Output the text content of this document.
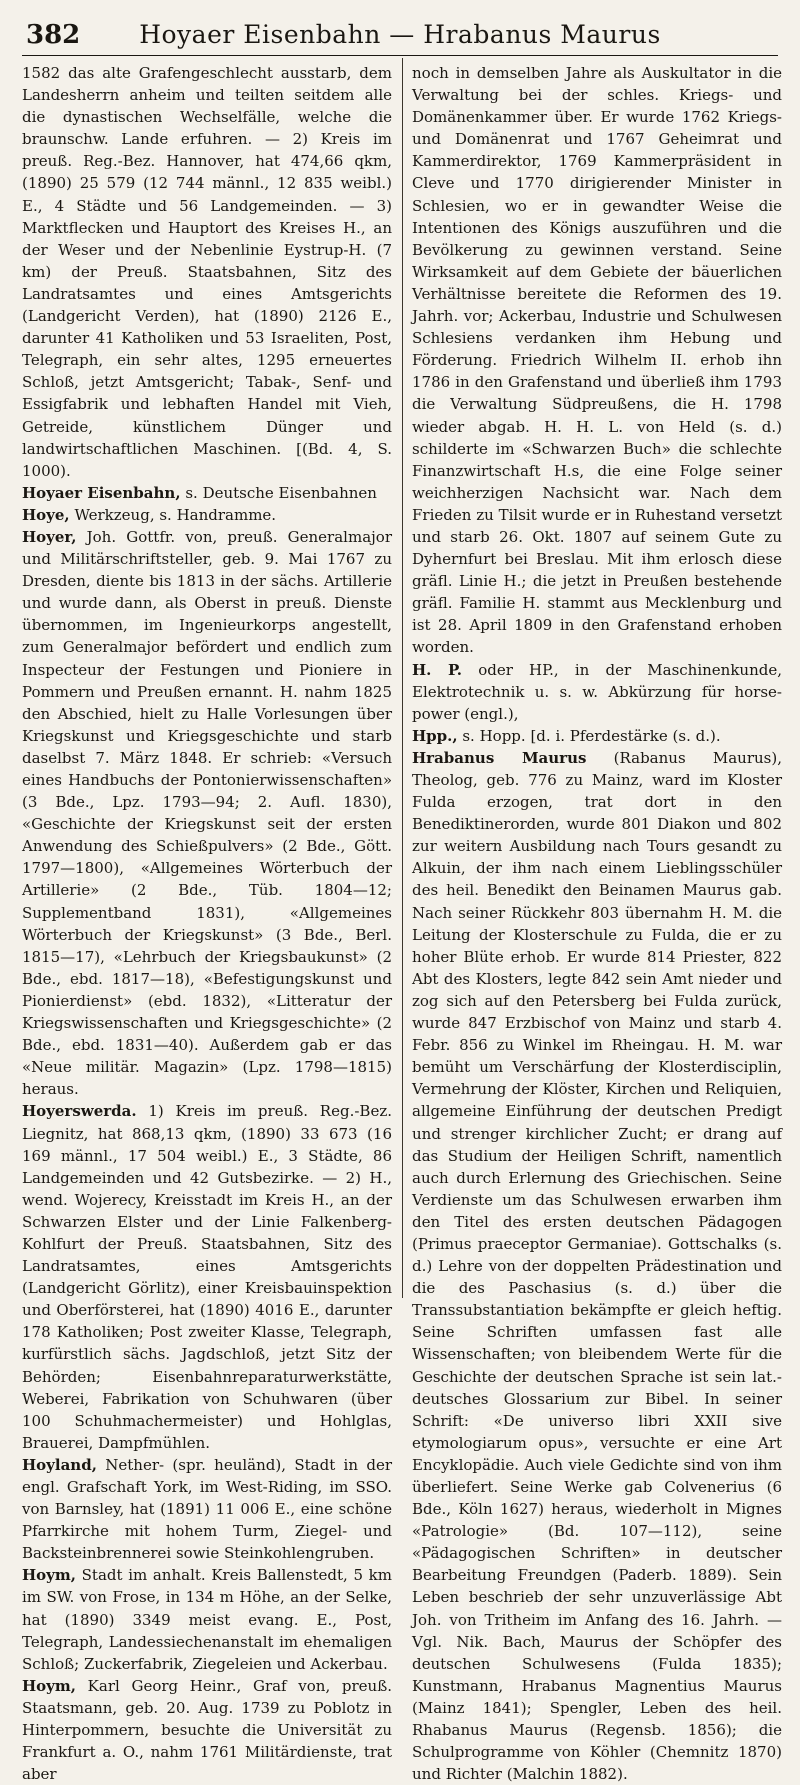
382	Hoyaer Eisenbahn — Hrabanus Maurus

1582 das alte Grafengeschlecht ausstarb, dem Landesherrn anheim und teilten seitdem alle die dynastischen Wechselfälle, welche die braunschw. Lande erfuhren. — 2) Kreis im preuß. Reg.-Bez. Hannover, hat 474,66 qkm, (1890) 25 579 (12 744 männl., 12 835 weibl.) E., 4 Städte und 56 Landgemeinden. — 3) Marktflecken und Hauptort des Kreises H., an der Weser und der Nebenlinie Eystrup-H. (7 km) der Preuß. Staatsbahnen, Sitz des Landratsamtes und eines Amtsgerichts (Landgericht Verden), hat (1890) 2126 E., darunter 41 Katholiken und 53 Israeliten, Post, Telegraph, ein sehr altes, 1295 erneuertes Schloß, jetzt Amtsgericht; Tabak-, Senf- und Essigfabrik und lebhaften Handel mit Vieh, Getreide, künstlichem Dünger und landwirtschaftlichen Maschinen. [(Bd. 4, S. 1000).

Hoyaer Eisenbahn, s. Deutsche Eisenbahnen

Hoye, Werkzeug, s. Handramme.

Hoyer, Joh. Gottfr. von, preuß. Generalmajor und Militärschriftsteller, geb. 9. Mai 1767 zu Dresden, diente bis 1813 in der sächs. Artillerie und wurde dann, als Oberst in preuß. Dienste übernommen, im Ingenieurkorps angestellt, zum Generalmajor befördert und endlich zum Inspecteur der Festungen und Pioniere in Pommern und Preußen ernannt. H. nahm 1825 den Abschied, hielt zu Halle Vorlesungen über Kriegskunst und Kriegsgeschichte und starb daselbst 7. März 1848. Er schrieb: «Versuch eines Handbuchs der Pontonierwissenschaften» (3 Bde., Lpz. 1793—94; 2. Aufl. 1830), «Geschichte der Kriegskunst seit der ersten Anwendung des Schießpulvers» (2 Bde., Gött. 1797—1800), «Allgemeines Wörterbuch der Artillerie» (2 Bde., Tüb. 1804—12; Supplementband 1831), «Allgemeines Wörterbuch der Kriegskunst» (3 Bde., Berl. 1815—17), «Lehrbuch der Kriegsbaukunst» (2 Bde., ebd. 1817—18), «Befestigungskunst und Pionierdienst» (ebd. 1832), «Litteratur der Kriegswissenschaften und Kriegsgeschichte» (2 Bde., ebd. 1831—40). Außerdem gab er das «Neue militär. Magazin» (Lpz. 1798—1815) heraus.

Hoyerswerda. 1) Kreis im preuß. Reg.-Bez. Liegnitz, hat 868,13 qkm, (1890) 33 673 (16 169 männl., 17 504 weibl.) E., 3 Städte, 86 Landgemeinden und 42 Gutsbezirke. — 2) H., wend. Wojerecy, Kreisstadt im Kreis H., an der Schwarzen Elster und der Linie Falkenberg-Kohlfurt der Preuß. Staatsbahnen, Sitz des Landratsamtes, eines Amtsgerichts (Landgericht Görlitz), einer Kreisbauinspektion und Oberförsterei, hat (1890) 4016 E., darunter 178 Katholiken; Post zweiter Klasse, Telegraph, kurfürstlich sächs. Jagdschloß, jetzt Sitz der Behörden; Eisenbahnreparaturwerkstätte, Weberei, Fabrikation von Schuhwaren (über 100 Schuhmachermeister) und Hohlglas, Brauerei, Dampfmühlen.

Hoyland, Nether- (spr. heuländ), Stadt in der engl. Grafschaft York, im West-Riding, im SSO. von Barnsley, hat (1891) 11 006 E., eine schöne Pfarrkirche mit hohem Turm, Ziegel- und Backsteinbrennerei sowie Steinkohlengruben.

Hoym, Stadt im anhalt. Kreis Ballenstedt, 5 km im SW. von Frose, in 134 m Höhe, an der Selke, hat (1890) 3349 meist evang. E., Post, Telegraph, Landessiechenanstalt im ehemaligen Schloß; Zuckerfabrik, Ziegeleien und Ackerbau.

Hoym, Karl Georg Heinr., Graf von, preuß. Staatsmann, geb. 20. Aug. 1739 zu Poblotz in Hinterpommern, besuchte die Universität zu Frankfurt a. O., nahm 1761 Militärdienste, trat aber

noch in demselben Jahre als Auskultator in die Verwaltung bei der schles. Kriegs- und Domänenkammer über. Er wurde 1762 Kriegs- und Domänenrat und 1767 Geheimrat und Kammerdirektor, 1769 Kammerpräsident in Cleve und 1770 dirigierender Minister in Schlesien, wo er in gewandter Weise die Intentionen des Königs auszuführen und die Bevölkerung zu gewinnen verstand. Seine Wirksamkeit auf dem Gebiete der bäuerlichen Verhältnisse bereitete die Reformen des 19. Jahrh. vor; Ackerbau, Industrie und Schulwesen Schlesiens verdanken ihm Hebung und Förderung. Friedrich Wilhelm II. erhob ihn 1786 in den Grafenstand und überließ ihm 1793 die Verwaltung Südpreußens, die H. 1798 wieder abgab. H. H. L. von Held (s. d.) schilderte im «Schwarzen Buch» die schlechte Finanzwirtschaft H.s, die eine Folge seiner weichherzigen Nachsicht war. Nach dem Frieden zu Tilsit wurde er in Ruhestand versetzt und starb 26. Okt. 1807 auf seinem Gute zu Dyhernfurt bei Breslau. Mit ihm erlosch diese gräfl. Linie H.; die jetzt in Preußen bestehende gräfl. Familie H. stammt aus Mecklenburg und ist 28. April 1809 in den Grafenstand erhoben worden.

H. P. oder HP., in der Maschinenkunde, Elektrotechnik u. s. w. Abkürzung für horse-power (engl.),

Hpp., s. Hopp. [d. i. Pferdestärke (s. d.).

Hrabanus Maurus (Rabanus Maurus), Theolog, geb. 776 zu Mainz, ward im Kloster Fulda erzogen, trat dort in den Benediktinerorden, wurde 801 Diakon und 802 zur weitern Ausbildung nach Tours gesandt zu Alkuin, der ihm nach einem Lieblingsschüler des heil. Benedikt den Beinamen Maurus gab. Nach seiner Rückkehr 803 übernahm H. M. die Leitung der Klosterschule zu Fulda, die er zu hoher Blüte erhob. Er wurde 814 Priester, 822 Abt des Klosters, legte 842 sein Amt nieder und zog sich auf den Petersberg bei Fulda zurück, wurde 847 Erzbischof von Mainz und starb 4. Febr. 856 zu Winkel im Rheingau. H. M. war bemüht um Verschärfung der Klosterdisciplin, Vermehrung der Klöster, Kirchen und Reliquien, allgemeine Einführung der deutschen Predigt und strenger kirchlicher Zucht; er drang auf das Studium der Heiligen Schrift, namentlich auch durch Erlernung des Griechischen. Seine Verdienste um das Schulwesen erwarben ihm den Titel des ersten deutschen Pädagogen (Primus praeceptor Germaniae). Gottschalks (s. d.) Lehre von der doppelten Prädestination und die des Paschasius (s. d.) über die Transsubstantiation bekämpfte er gleich heftig. Seine Schriften umfassen fast alle Wissenschaften; von bleibendem Werte für die Geschichte der deutschen Sprache ist sein lat.-deutsches Glossarium zur Bibel. In seiner Schrift: «De universo libri XXII sive etymologiarum opus», versuchte er eine Art Encyklopädie. Auch viele Gedichte sind von ihm überliefert. Seine Werke gab Colvenerius (6 Bde., Köln 1627) heraus, wiederholt in Mignes «Patrologie» (Bd. 107—112), seine «Pädagogischen Schriften» in deutscher Bearbeitung Freundgen (Paderb. 1889). Sein Leben beschrieb der sehr unzuverlässige Abt Joh. von Tritheim im Anfang des 16. Jahrh. — Vgl. Nik. Bach, Maurus der Schöpfer des deutschen Schulwesens (Fulda 1835); Kunstmann, Hrabanus Magnentius Maurus (Mainz 1841); Spengler, Leben des heil. Rhabanus Maurus (Regensb. 1856); die Schulprogramme von Köhler (Chemnitz 1870) und Richter (Malchin 1882).
